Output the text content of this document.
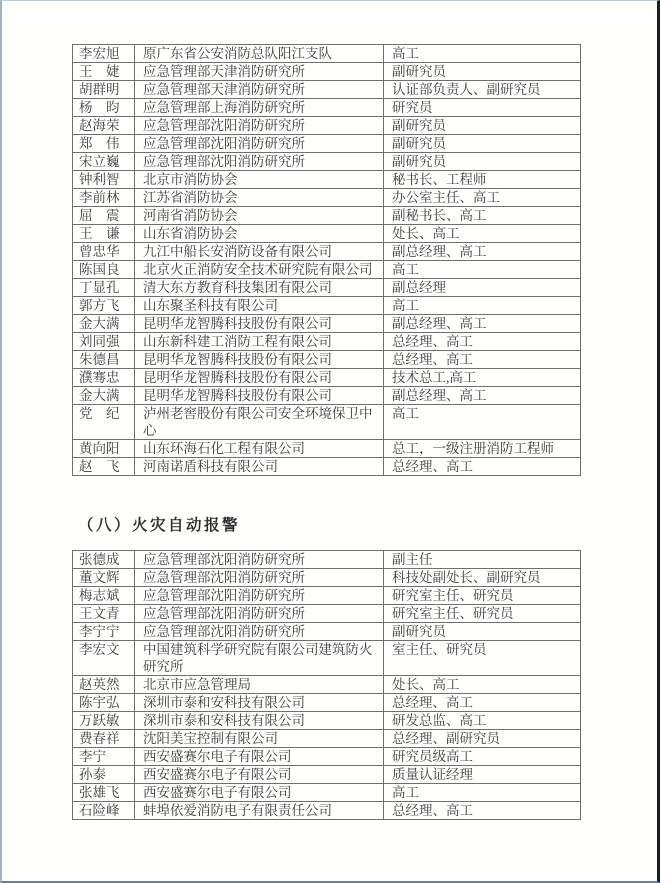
李宏旭	原广东省公安消防总队阳江支队	高工
王　婕	应急管理部天津消防研究所	副研究员
胡群明	应急管理部天津消防研究所	认证部负责人、副研究员
杨　昀	应急管理部上海消防研究所	研究员
赵海荣	应急管理部沈阳消防研究所	副研究员
郑　伟	应急管理部沈阳消防研究所	副研究员
宋立巍	应急管理部沈阳消防研究所	副研究员
钟利智	北京市消防协会	秘书长、工程师
李前林	江苏省消防协会	办公室主任、高工
屈　震	河南省消防协会	副秘书长、高工
王　谦	山东省消防协会	处长、高工
曾忠华	九江中船长安消防设备有限公司	副总经理、高工
陈国良	北京火正消防安全技术研究院有限公司	高工
丁显孔	清大东方教育科技集团有限公司	副总经理
郭方飞	山东聚圣科技有限公司	高工
金大满	昆明华龙智腾科技股份有限公司	副总经理、高工
刘同强	山东新科建工消防工程有限公司	总经理、高工
朱德昌	昆明华龙智腾科技股份有限公司	总经理、高工
濮骞忠	昆明华龙智腾科技股份有限公司	技术总工,高工
金大满	昆明华龙智腾科技股份有限公司	副总经理、高工
党　纪	泸州老窖股份有限公司安全环境保卫中心	高工
黄向阳	山东环海石化工程有限公司	总工，一级注册消防工程师
赵　飞	河南诺盾科技有限公司	总经理、高工
（八）火灾自动报警
张德成	应急管理部沈阳消防研究所	副主任
董文辉	应急管理部沈阳消防研究所	科技处副处长、副研究员
梅志斌	应急管理部沈阳消防研究所	研究室主任、研究员
王文青	应急管理部沈阳消防研究所	研究室主任、研究员
李宁宁	应急管理部沈阳消防研究所	副研究员
李宏文	中国建筑科学研究院有限公司建筑防火研究所	室主任、研究员
赵英然	北京市应急管理局	处长、高工
陈宇弘	深圳市泰和安科技有限公司	总经理、高工
万跃敏	深圳市泰和安科技有限公司	研发总监、高工
费春祥	沈阳美宝控制有限公司	总经理、副研究员
李宁	西安盛赛尔电子有限公司	研究员级高工
孙泰	西安盛赛尔电子有限公司	质量认证经理
张雄飞	西安盛赛尔电子有限公司	高工
石险峰	蚌埠依爱消防电子有限责任公司	总经理、高工
